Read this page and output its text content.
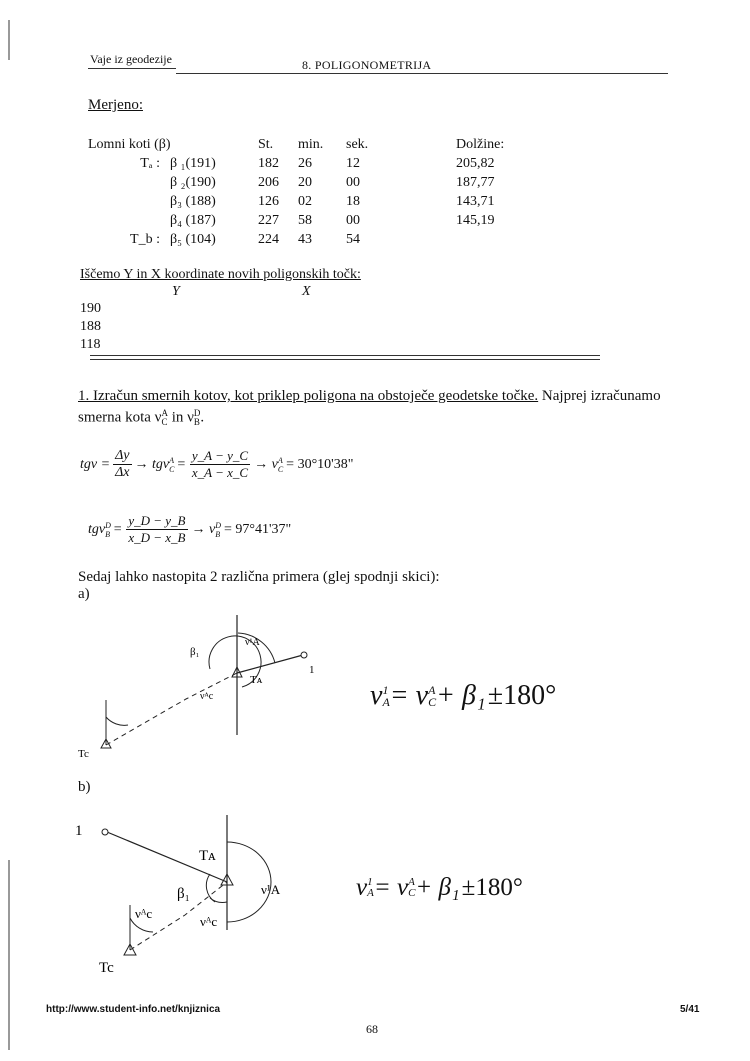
Vaje iz geodezije	8. POLIGONOMETRIJA
Merjeno:
Lomni koti (β)		St.	min.	sek.	Dolžine:
Tₐ :	β ₁(191)	182	26	12	205,82
	β ₂(190)	206	20	00	187,77
	β₃ (188)	126	02	18	143,71
	β₄ (187)	227	58	00	145,19
T_b :	β₅ (104)	224	43	54	
Iščemo Y in X koordinate novih poligonskih točk:
Y	X
190
188
118
1. Izračun smernih kotov, kot priklep poligona na obstoječe geodetske točke. Najprej izračunamo
smerna kota ν A
C in ν D
B .
$tg\nu = \frac{\Delta y}{\Delta x} \to tg\nu$ A
$C = \frac{y\_A - y\_C}{x\_A - x\_C} \to \nu$ A
C = 30°10'38"
tgν D
$B = \frac{y\_D - y\_B}{x\_D - x\_B} \to \nu$ D
B = 97°41'37"
Sedaj lahko nastopita 2 različna primera (glej spodnji skici):
a)
β₁
ν¹A
Tᴀ
νᴬc
1
Tc
ν 1
A = ν A
C + β₁ ± 180°
b)
1
Tᴀ
β₁	ν¹A
νᴬc
νᴬc
Tc
ν 1
A = ν A
C + β₁ ± 180°
http://www.student-info.net/knjiznica	5/41
68
